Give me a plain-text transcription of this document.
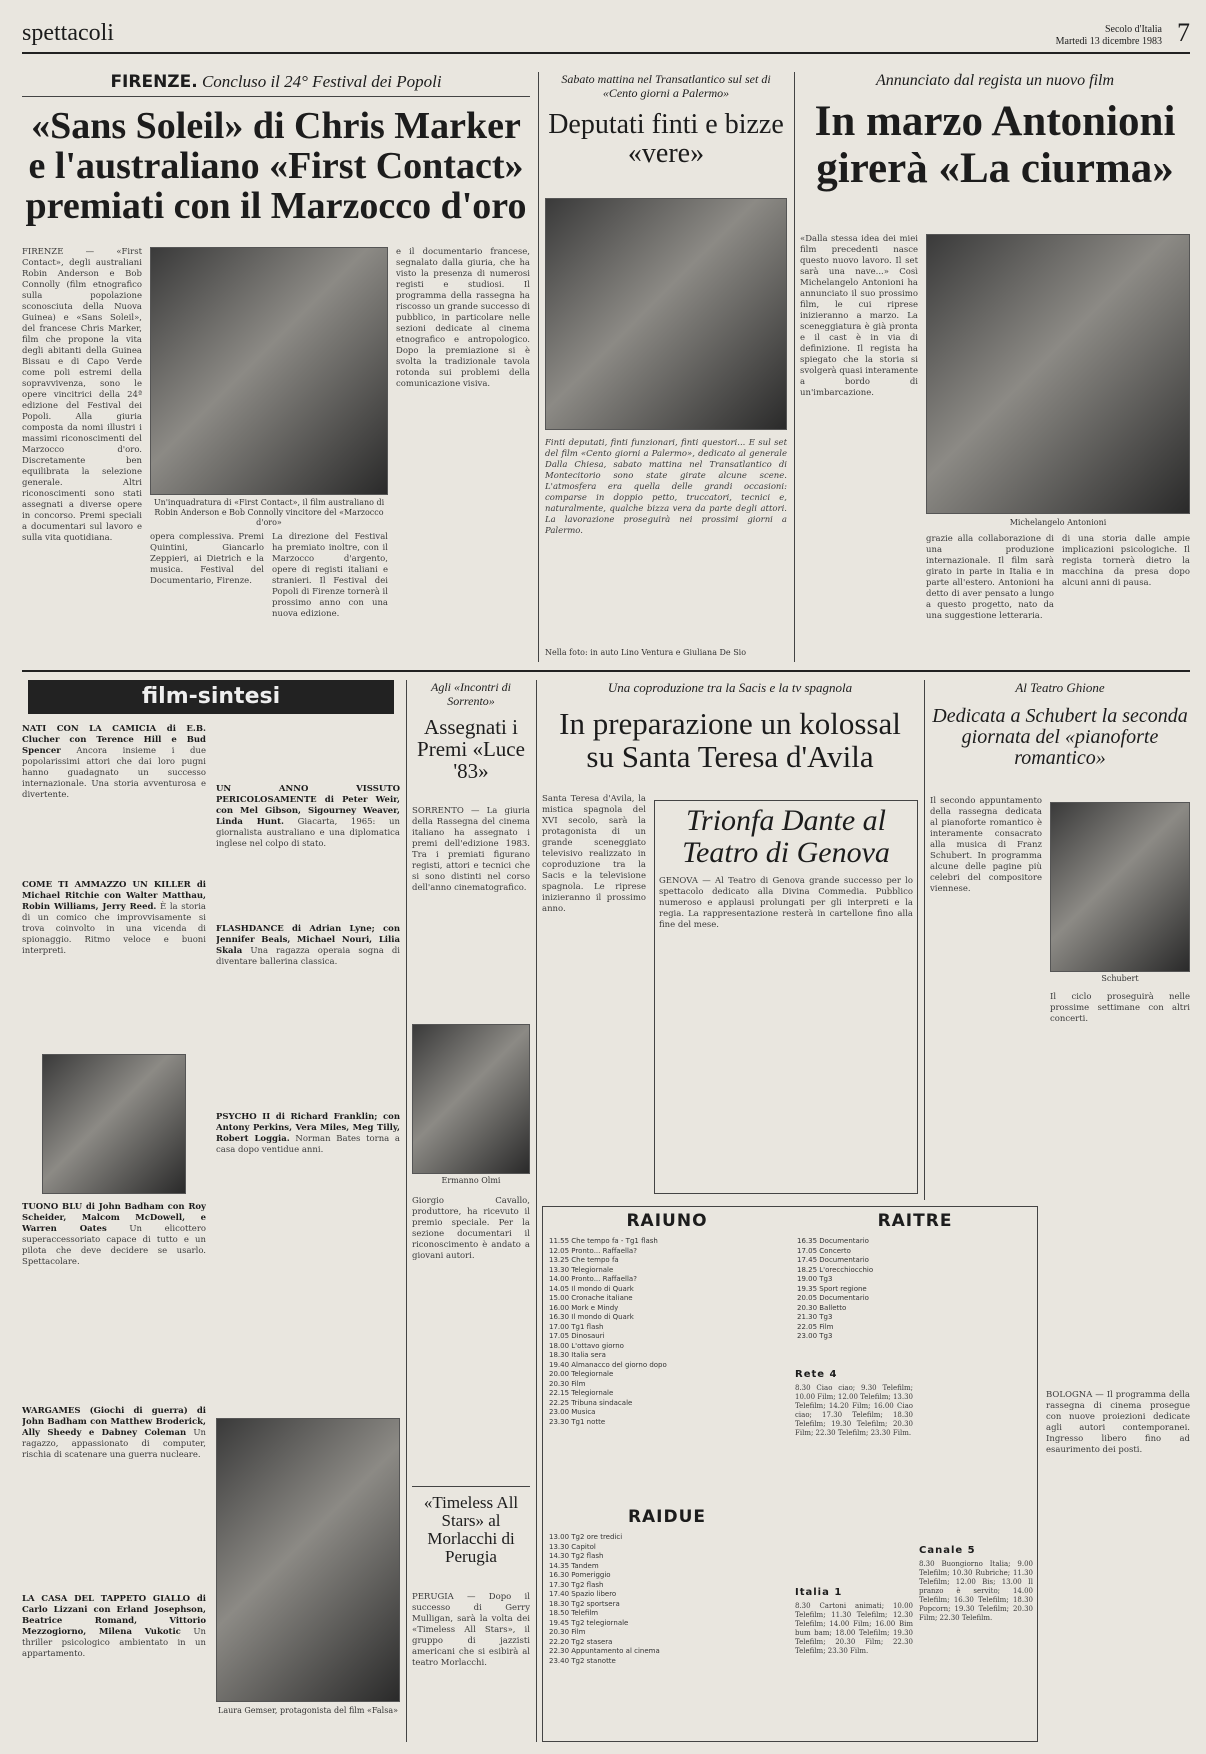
spettacoli	Secolo d'Italia
Martedì 13 dicembre 1983 7
FIRENZE. Concluso il 24° Festival dei Popoli
«Sans Soleil» di Chris Marker e l'australiano «First Contact» premiati con il Marzocco d'oro
FIRENZE — «First Contact», degli australiani Robin Anderson e Bob Connolly (film etnografico sulla popolazione sconosciuta della Nuova Guinea) e «Sans Soleil», del francese Chris Marker, film che propone la vita degli abitanti della Guinea Bissau e di Capo Verde come poli estremi della sopravvivenza, sono le opere vincitrici della 24ª edizione del Festival dei Popoli. Alla giuria composta da nomi illustri i massimi riconoscimenti del Marzocco d'oro. Discretamente ben equilibrata la selezione generale. Altri riconoscimenti sono stati assegnati a diverse opere in concorso. Premi speciali a documentari sul lavoro e sulla vita quotidiana.
Un'inquadratura di «First Contact», il film australiano di Robin Anderson e Bob Connolly vincitore del «Marzocco d'oro»
e il documentario francese, segnalato dalla giuria, che ha visto la presenza di numerosi registi e studiosi. Il programma della rassegna ha riscosso un grande successo di pubblico, in particolare nelle sezioni dedicate al cinema etnografico e antropologico. Dopo la premiazione si è svolta la tradizionale tavola rotonda sui problemi della comunicazione visiva.
opera complessiva. Premi Quintini, Giancarlo Zeppieri, ai Dietrich e la musica. Festival del Documentario, Firenze.
La direzione del Festival ha premiato inoltre, con il Marzocco d'argento, opere di registi italiani e stranieri. Il Festival dei Popoli di Firenze tornerà il prossimo anno con una nuova edizione.
Sabato mattina nel Transatlantico sul set di «Cento giorni a Palermo»
Deputati finti e bizze «vere»
Finti deputati, finti funzionari, finti questori... E sul set del film «Cento giorni a Palermo», dedicato al generale Dalla Chiesa, sabato mattina nel Transatlantico di Montecitorio sono state girate alcune scene. L'atmosfera era quella delle grandi occasioni: comparse in doppio petto, truccatori, tecnici e, naturalmente, qualche bizza vera da parte degli attori. La lavorazione proseguirà nei prossimi giorni a Palermo.
Nella foto: in auto Lino Ventura e Giuliana De Sio
Annunciato dal regista un nuovo film
In marzo Antonioni girerà «La ciurma»
«Dalla stessa idea dei miei film precedenti nasce questo nuovo lavoro. Il set sarà una nave...» Così Michelangelo Antonioni ha annunciato il suo prossimo film, le cui riprese inizieranno a marzo. La sceneggiatura è già pronta e il cast è in via di definizione. Il regista ha spiegato che la storia si svolgerà quasi interamente a bordo di un'imbarcazione.
Michelangelo Antonioni
grazie alla collaborazione di una produzione internazionale. Il film sarà girato in parte in Italia e in parte all'estero. Antonioni ha detto di aver pensato a lungo a questo progetto, nato da una suggestione letteraria.
di una storia dalle ampie implicazioni psicologiche. Il regista tornerà dietro la macchina da presa dopo alcuni anni di pausa.
film-sintesi
NATI CON LA CAMICIA di E.B. Clucher con Terence Hill e Bud Spencer Ancora insieme i due popolarissimi attori che dai loro pugni hanno guadagnato un successo internazionale. Una storia avventurosa e divertente.
COME TI AMMAZZO UN KILLER di Michael Ritchie con Walter Matthau, Robin Williams, Jerry Reed. È la storia di un comico che improvvisamente si trova coinvolto in una vicenda di spionaggio. Ritmo veloce e buoni interpreti.
TUONO BLU di John Badham con Roy Scheider, Malcom McDowell, e Warren Oates	Un elicottero superaccessoriato capace di tutto e un pilota che deve decidere se usarlo. Spettacolare.
WARGAMES (Giochi di guerra) di John Badham con Matthew Broderick, Ally Sheedy e Dabney Coleman Un ragazzo, appassionato di computer, rischia di scatenare una guerra nucleare.
LA CASA DEL TAPPETO GIALLO di Carlo Lizzani con Erland Josephson, Beatrice Romand, Vittorio Mezzogiorno, Milena Vukotic Un thriller psicologico ambientato in un appartamento.
UN ANNO VISSUTO PERICOLOSAMENTE di Peter Weir, con Mel Gibson, Sigourney Weaver, Linda Hunt. Giacarta, 1965: un giornalista australiano e una diplomatica inglese nel colpo di stato.
FLASHDANCE di Adrian Lyne; con Jennifer Beals, Michael Nouri, Lilia Skala Una ragazza operaia sogna di diventare ballerina classica.
PSYCHO II di Richard Franklin; con Antony Perkins, Vera Miles, Meg Tilly, Robert Loggia. Norman Bates torna a casa dopo ventidue anni.
Laura Gemser, protagonista del film «Falsa»
Agli «Incontri di Sorrento»
Assegnati i Premi «Luce '83»
SORRENTO — La giuria della Rassegna del cinema italiano ha assegnato i premi dell'edizione 1983. Tra i premiati figurano registi, attori e tecnici che si sono distinti nel corso dell'anno cinematografico.
Ermanno Olmi
Giorgio Cavallo, produttore, ha ricevuto il premio speciale. Per la sezione documentari il riconoscimento è andato a giovani autori.
«Timeless All Stars» al Morlacchi di Perugia
PERUGIA — Dopo il successo di Gerry Mulligan, sarà la volta dei «Timeless All Stars», il gruppo di jazzisti americani che si esibirà al teatro Morlacchi.
Una coproduzione tra la Sacis e la tv spagnola
In preparazione un kolossal su Santa Teresa d'Avila
Santa Teresa d'Avila, la mistica spagnola del XVI secolo, sarà la protagonista di un grande sceneggiato televisivo realizzato in coproduzione tra la Sacis e la televisione spagnola. Le riprese inizieranno il prossimo anno.
Trionfa Dante al Teatro di Genova
GENOVA — Al Teatro di Genova grande successo per lo spettacolo dedicato alla Divina Commedia. Pubblico numeroso e applausi prolungati per gli interpreti e la regia. La rappresentazione resterà in cartellone fino alla fine del mese.
Al Teatro Ghione
Dedicata a Schubert la seconda giornata del «pianoforte romantico»
Il secondo appuntamento della rassegna dedicata al pianoforte romantico è interamente consacrato alla musica di Franz Schubert. In programma alcune delle pagine più celebri del compositore viennese.
Schubert
Il ciclo proseguirà nelle prossime settimane con altri concerti.
RAIUNO
11.55 Che tempo fa - Tg1 flash
12.05 Pronto... Raffaella?
13.25 Che tempo fa
13.30 Telegiornale
14.00 Pronto... Raffaella?
14.05 Il mondo di Quark
15.00 Cronache italiane
16.00 Mork e Mindy
16.30 Il mondo di Quark
17.00 Tg1 flash
17.05 Dinosauri
18.00 L'ottavo giorno
18.30 Italia sera
19.40 Almanacco del giorno dopo
20.00 Telegiornale
20.30 Film
22.15 Telegiornale
22.25 Tribuna sindacale
23.00 Musica
23.30 Tg1 notte
RAIDUE
13.00 Tg2 ore tredici
13.30 Capitol
14.30 Tg2 flash
14.35 Tandem
16.30 Pomeriggio
17.30 Tg2 flash
17.40 Spazio libero
18.30 Tg2 sportsera
18.50 Telefilm
19.45 Tg2 telegiornale
20.30 Film
22.20 Tg2 stasera
22.30 Appuntamento al cinema
23.40 Tg2 stanotte
RAITRE
16.35 Documentario
17.05 Concerto
17.45 Documentario
18.25 L'orecchiocchio
19.00 Tg3
19.35 Sport regione
20.05 Documentario
20.30 Balletto
21.30 Tg3
22.05 Film
23.00 Tg3
Rete 4
8.30 Ciao ciao; 9.30 Telefilm; 10.00 Film; 12.00 Telefilm; 13.30 Telefilm; 14.20 Film; 16.00 Ciao ciao; 17.30 Telefilm; 18.30 Telefilm; 19.30 Telefilm; 20.30 Film; 22.30 Telefilm; 23.30 Film.
Italia 1
8.30 Cartoni animati; 10.00 Telefilm; 11.30 Telefilm; 12.30 Telefilm; 14.00 Film; 16.00 Bim bum bam; 18.00 Telefilm; 19.30 Telefilm; 20.30 Film; 22.30 Telefilm; 23.30 Film.
Canale 5
8.30 Buongiorno Italia; 9.00 Telefilm; 10.30 Rubriche; 11.30 Telefilm; 12.00 Bis; 13.00 Il pranzo è servito; 14.00 Telefilm; 16.30 Telefilm; 18.30 Popcorn; 19.30 Telefilm; 20.30 Film; 22.30 Telefilm.
BOLOGNA — Il programma della rassegna di cinema prosegue con nuove proiezioni dedicate agli autori contemporanei. Ingresso libero fino ad esaurimento dei posti.
